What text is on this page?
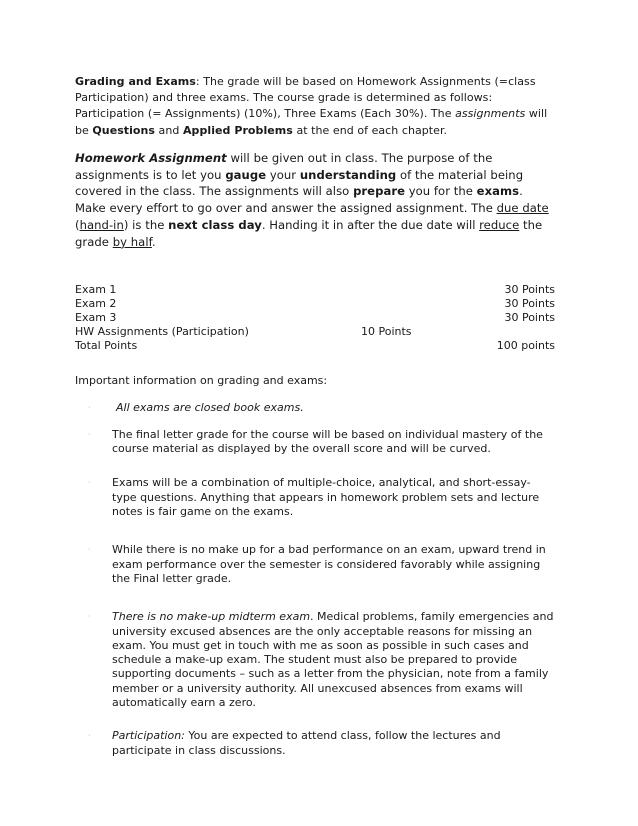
Grading and Exams: The grade will be based on Homework Assignments (=class Participation) and three exams. The course grade is determined as follows: Participation (= Assignments) (10%), Three Exams (Each 30%). The assignments will be Questions and Applied Problems at the end of each chapter.

Homework Assignment will be given out in class. The purpose of the assignments is to let you gauge your understanding of the material being covered in the class. The assignments will also prepare you for the exams. Make every effort to go over and answer the assigned assignment. The due date (hand-in) is the next class day. Handing it in after the due date will reduce the grade by half.

Exam 1	30 Points
Exam 2	30 Points
Exam 3	30 Points
HW Assignments (Participation)	10 Points
Total Points	100 points

Important information on grading and exams:

· All exams are closed book exams.
· The final letter grade for the course will be based on individual mastery of the course material as displayed by the overall score and will be curved.
· Exams will be a combination of multiple-choice, analytical, and short-essay-type questions. Anything that appears in homework problem sets and lecture notes is fair game on the exams.
· While there is no make up for a bad performance on an exam, upward trend in exam performance over the semester is considered favorably while assigning the Final letter grade.
· There is no make-up midterm exam. Medical problems, family emergencies and university excused absences are the only acceptable reasons for missing an exam. You must get in touch with me as soon as possible in such cases and schedule a make-up exam. The student must also be prepared to provide supporting documents – such as a letter from the physician, note from a family member or a university authority. All unexcused absences from exams will automatically earn a zero.
· Participation: You are expected to attend class, follow the lectures and participate in class discussions.
